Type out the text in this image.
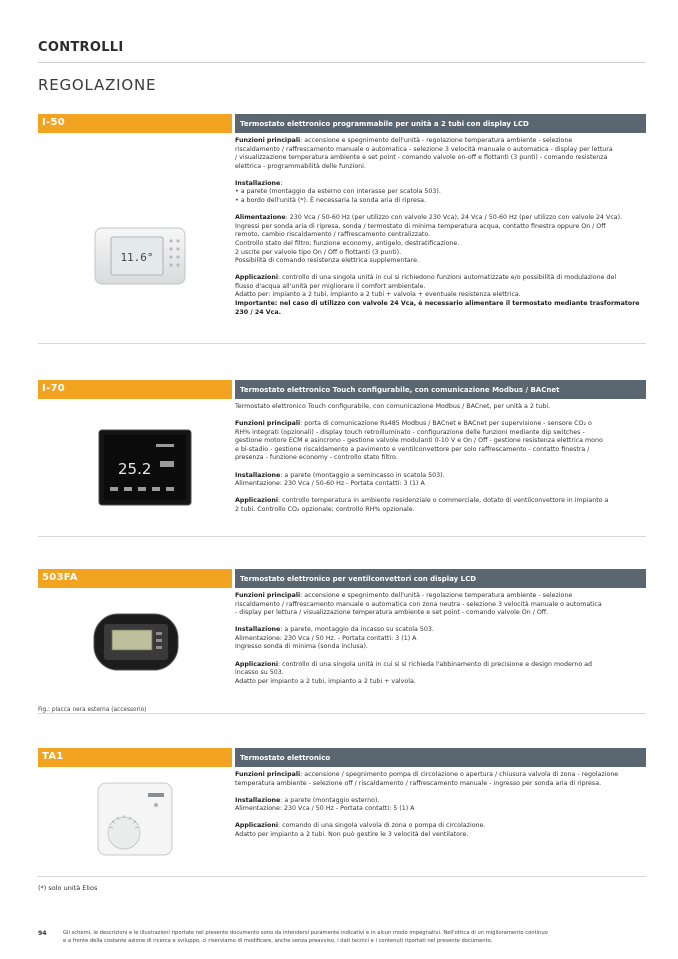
CONTROLLI
REGOLAZIONE
I-50	Termostato elettronico programmabile per unità a 2 tubi con display LCD
11.6°

Funzioni principali: accensione e spegnimento dell'unità - regolazione temperatura ambiente - selezione
riscaldamento / raffrescamento manuale o automatica - selezione 3 velocità manuale o automatica - display per lettura
/ visualizzazione temperatura ambiente e set point - comando valvole on-off e flottanti (3 punti) - comando resistenza
elettrica - programmabilità delle funzioni.

Installazione:
• a parete (montaggio da esterno con interasse per scatola 503).
• a bordo dell'unità (*). È necessaria la sonda aria di ripresa.

Alimentazione: 230 Vca / 50-60 Hz (per utilizzo con valvole 230 Vca), 24 Vca / 50-60 Hz (per utilizzo con valvole 24 Vca).
Ingressi per sonda aria di ripresa, sonda / termostato di minima temperatura acqua, contatto finestra oppure On / Off
remoto, cambio riscaldamento / raffrescamento centralizzato.
Controllo stato del filtro; funzione economy, antigelo, destratificazione.
2 uscite per valvole tipo On / Off o flottanti (3 punti).
Possibilità di comando resistenza elettrica supplementare.

Applicazioni: controllo di una singola unità in cui si richiedono funzioni automatizzate e/o possibilità di modulazione del
flusso d'acqua all'unità per migliorare il comfort ambientale.
Adatto per: impianto a 2 tubi, impianto a 2 tubi + valvola + eventuale resistenza elettrica.
Importante: nel caso di utilizzo con valvole 24 Vca, è necessario alimentare il termostato mediante trasformatore
230 / 24 Vca.

I-70	Termostato elettronico Touch configurabile, con comunicazione Modbus / BACnet
25.2

Termostato elettronico Touch configurabile, con comunicazione Modbus / BACnet, per unità a 2 tubi.

Funzioni principali: porta di comunicazione Rs485 Modbus / BACnet e BACnet per supervisione - sensore CO₂ o
RH% integrati (opzionali) - display touch retroilluminato - configurazione delle funzioni mediante dip switches -
gestione motore ECM e asincrono - gestione valvole modulanti 0-10 V e On / Off - gestione resistenza elettrica mono
e bi-stadio - gestione riscaldamento a pavimento e ventilconvettore per solo raffrescamento - contatto finestra /
presenza - funzione economy - controllo stato filtro.

Installazione: a parete (montaggio a semincasso in scatola 503).
Alimentazione: 230 Vca / 50-60 Hz - Portata contatti: 3 (1) A

Applicazioni: controllo temperatura in ambiente residenziale o commerciale, dotato di ventilconvettore in impianto a
2 tubi. Controllo CO₂ opzionale; controllo RH% opzionale.

503FA	Termostato elettronico per ventilconvettori con display LCD
Fig.: placca nera esterna (accessorio)

Funzioni principali: accensione e spegnimento dell'unità - regolazione temperatura ambiente - selezione
riscaldamento / raffrescamento manuale o automatica con zona neutra - selezione 3 velocità manuale o automatica
- display per lettura / visualizzazione temperatura ambiente e set point - comando valvole On / Off.

Installazione: a parete, montaggio da incasso su scatola 503.
Alimentazione: 230 Vca / 50 Hz. - Portata contatti: 3 (1) A
Ingresso sonda di minima (sonda inclusa).

Applicazioni: controllo di una singola unità in cui si si richieda l'abbinamento di precisione e design moderno ad
incasso su 503.
Adatto per impianto a 2 tubi, impianto a 2 tubi + valvola.

TA1	Termostato elettronico

Funzioni principali: accensione / spegnimento pompa di circolazione o apertura / chiusura valvola di zona - regolazione
temperatura ambiente - selezione off / riscaldamento / raffrescamento manuale - ingresso per sonda aria di ripresa.

Installazione: a parete (montaggio esterno).
Alimentazione: 230 Vca / 50 Hz - Portata contatti: 5 (1) A

Applicazioni: comando di una singola valvola di zona o pompa di circolazione.
Adatto per impianto a 2 tubi. Non può gestire le 3 velocità del ventilatore.

(*) solo unità Elios
94	Gli schemi, le descrizioni e le illustrazioni riportate nel presente documento sono da intendersi puramente indicativi e in alcun modo impegnativi. Nell'ottica di un miglioramento continuo
e a fronte della costante azione di ricerca e sviluppo, ci riserviamo di modificare, anche senza preavviso, i dati tecnici e i contenuti riportati nel presente documento.
